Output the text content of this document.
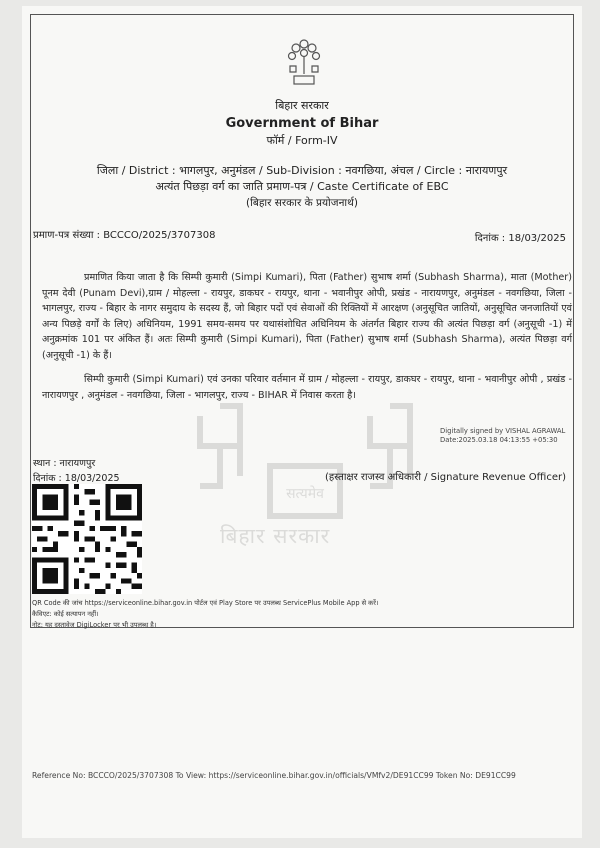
बिहार सरकार
Government of Bihar
फॉर्म / Form-IV
जिला / District : भागलपुर, अनुमंडल / Sub-Division : नवगछिया, अंचल / Circle : नारायणपुर
अत्यंत पिछड़ा वर्ग का जाति प्रमाण-पत्र / Caste Certificate of EBC
(बिहार सरकार के प्रयोजनार्थ)
प्रमाण-पत्र संख्या : BCCCO/2025/3707308	दिनांक : 18/03/2025
सत्यमेव
बिहार सरकार
प्रमाणित किया जाता है कि सिम्पी कुमारी (Simpi Kumari), पिता (Father) सुभाष शर्मा (Subhash Sharma), माता (Mother) पूनम देवी (Punam Devi),ग्राम / मोहल्ला - रायपुर, डाकघर - रायपुर, थाना - भवानीपुर ओपी, प्रखंड - नारायणपुर, अनुमंडल - नवगछिया, जिला - भागलपुर, राज्य - बिहार के नागर समुदाय के सदस्य हैं, जो बिहार पदों एवं सेवाओं की रिक्तियों में आरक्षण (अनुसूचित जातियों, अनुसूचित जनजातियों एवं अन्य पिछड़े वर्गों के लिए) अधिनियम, 1991 समय-समय पर यथासंशोधित अधिनियम के अंतर्गत बिहार राज्य की अत्यंत पिछड़ा वर्ग (अनुसूची -1) में अनुक्रमांक 101 पर अंकित हैं। अतः सिम्पी कुमारी (Simpi Kumari), पिता (Father) सुभाष शर्मा (Subhash Sharma), अत्यंत पिछड़ा वर्ग (अनुसूची -1) के हैं।
सिम्पी कुमारी (Simpi Kumari) एवं उनका परिवार वर्तमान में ग्राम / मोहल्ला - रायपुर, डाकघर - रायपुर, थाना - भवानीपुर ओपी , प्रखंड - नारायणपुर , अनुमंडल - नवगछिया, जिला - भागलपुर, राज्य - BIHAR में निवास करता है।
Digitally signed by VISHAL AGRAWAL
Date:2025.03.18 04:13:55 +05:30
स्थान : नारायणपुर
दिनांक : 18/03/2025	(हस्ताक्षर राजस्व अधिकारी / Signature Revenue Officer)
QR Code की जांच https://serviceonline.bihar.gov.in पोर्टल एवं Play Store पर उपलब्ध ServicePlus Mobile App से करें।
कैविएट: कोई सत्यापन नहीं।
नोट: यह दस्तावेज DigiLocker पर भी उपलब्ध है।
Reference No: BCCCO/2025/3707308 To View: https://serviceonline.bihar.gov.in/officials/VMfv2/DE91CC99 Token No: DE91CC99
